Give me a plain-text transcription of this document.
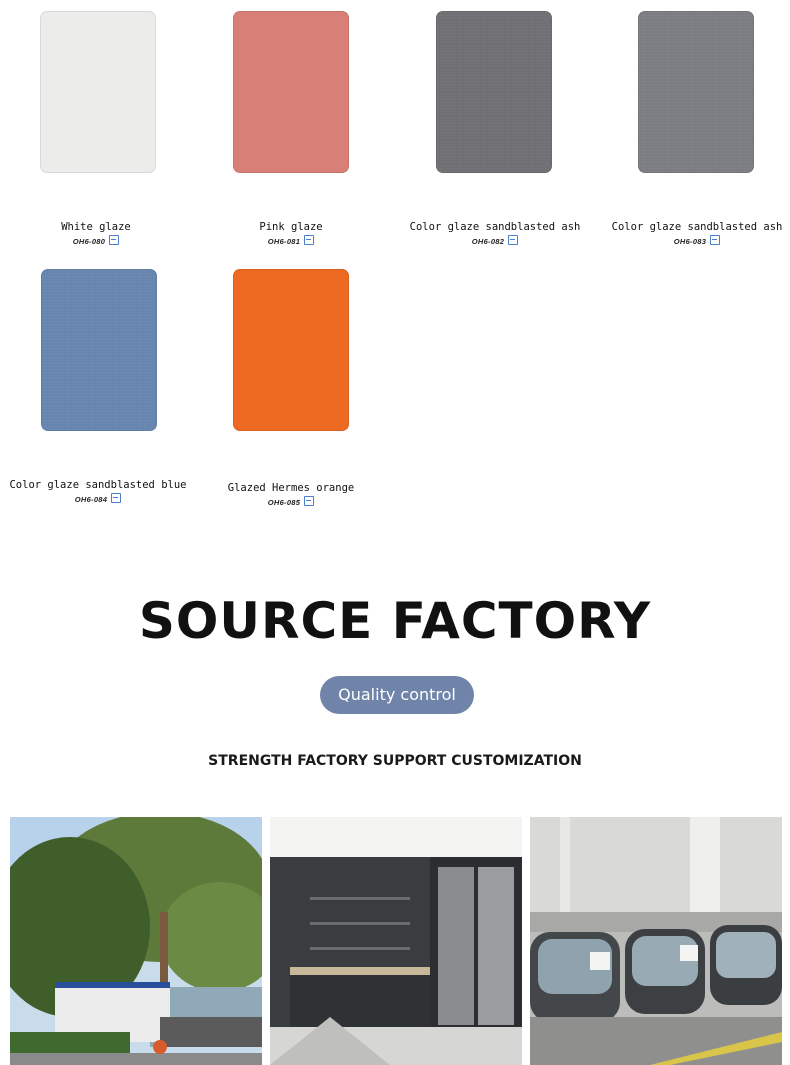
White glaze
OH6-080
Pink glaze
OH6-081
Color glaze sandblasted ash
OH6-082
Color glaze sandblasted ash
OH6-083
Color glaze sandblasted blue
OH6-084
Glazed Hermes orange
OH6-085
SOURCE FACTORY
Quality control
STRENGTH FACTORY SUPPORT CUSTOMIZATION
